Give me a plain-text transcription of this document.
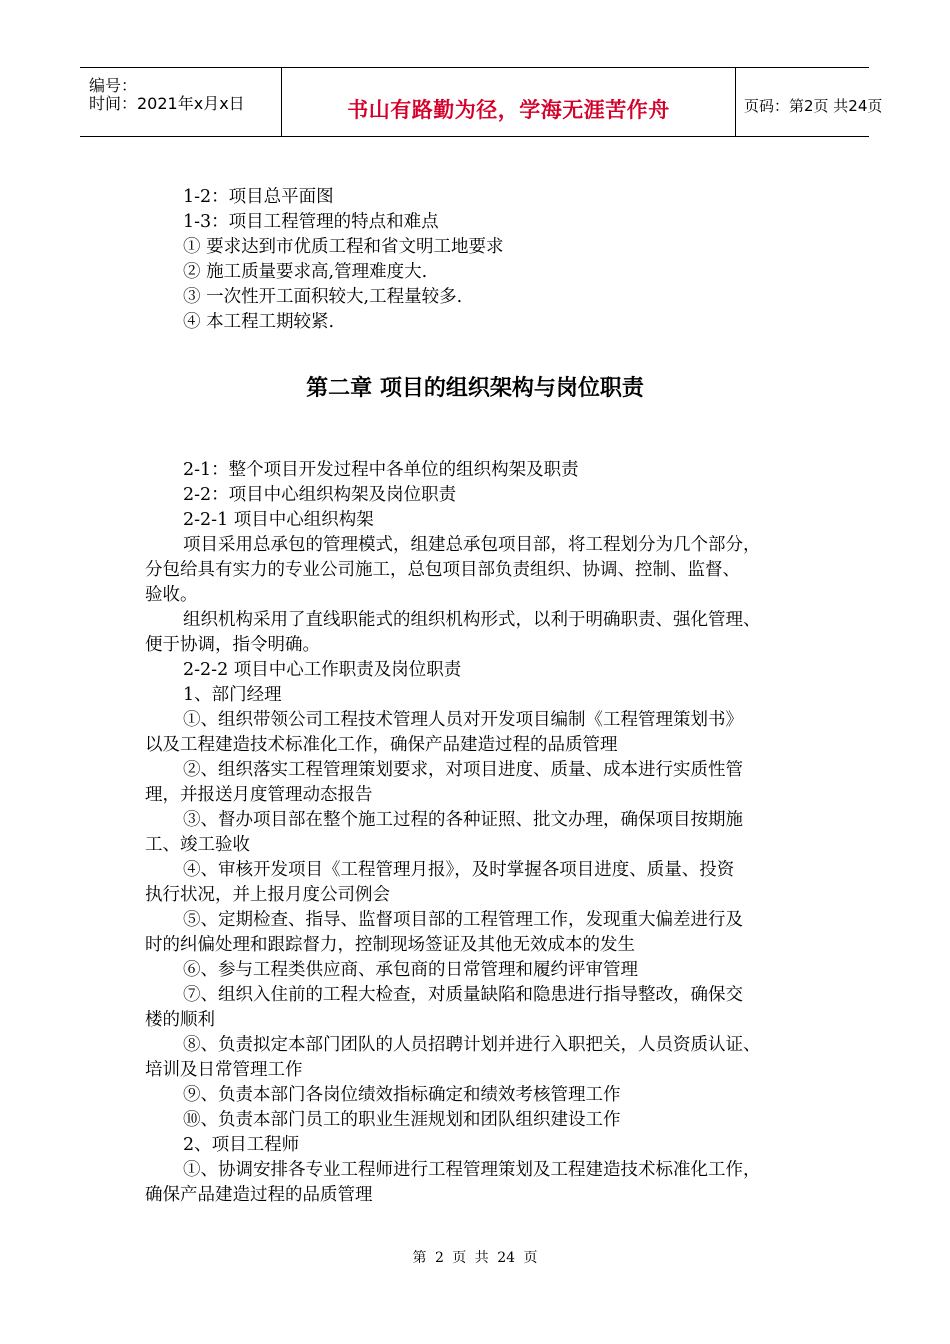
编号：
时间：2021年x月x日	书山有路勤为径，学海无涯苦作舟	页码：第2页 共24页
1-2：项目总平面图
1-3：项目工程管理的特点和难点
① 要求达到市优质工程和省文明工地要求
② 施工质量要求高,管理难度大.
③ 一次性开工面积较大,工程量较多.
④ 本工程工期较紧.
第二章 项目的组织架构与岗位职责
2-1：整个项目开发过程中各单位的组织构架及职责
2-2：项目中心组织构架及岗位职责
2-2-1 项目中心组织构架
项目采用总承包的管理模式，组建总承包项目部，将工程划分为几个部分，
分包给具有实力的专业公司施工，总包项目部负责组织、协调、控制、监督、
验收。
组织机构采用了直线职能式的组织机构形式，以利于明确职责、强化管理、
便于协调，指令明确。
2-2-2 项目中心工作职责及岗位职责
1、部门经理
①、组织带领公司工程技术管理人员对开发项目编制《工程管理策划书》
以及工程建造技术标准化工作，确保产品建造过程的品质管理
②、组织落实工程管理策划要求，对项目进度、质量、成本进行实质性管
理，并报送月度管理动态报告
③、督办项目部在整个施工过程的各种证照、批文办理，确保项目按期施
工、竣工验收
④、审核开发项目《工程管理月报》，及时掌握各项目进度、质量、投资
执行状况，并上报月度公司例会
⑤、定期检查、指导、监督项目部的工程管理工作，发现重大偏差进行及
时的纠偏处理和跟踪督力，控制现场签证及其他无效成本的发生
⑥、参与工程类供应商、承包商的日常管理和履约评审管理
⑦、组织入住前的工程大检查，对质量缺陷和隐患进行指导整改，确保交
楼的顺利
⑧、负责拟定本部门团队的人员招聘计划并进行入职把关，人员资质认证、
培训及日常管理工作
⑨、负责本部门各岗位绩效指标确定和绩效考核管理工作
⑩、负责本部门员工的职业生涯规划和团队组织建设工作
2、项目工程师
①、协调安排各专业工程师进行工程管理策划及工程建造技术标准化工作，
确保产品建造过程的品质管理
第 2 页 共 24 页
